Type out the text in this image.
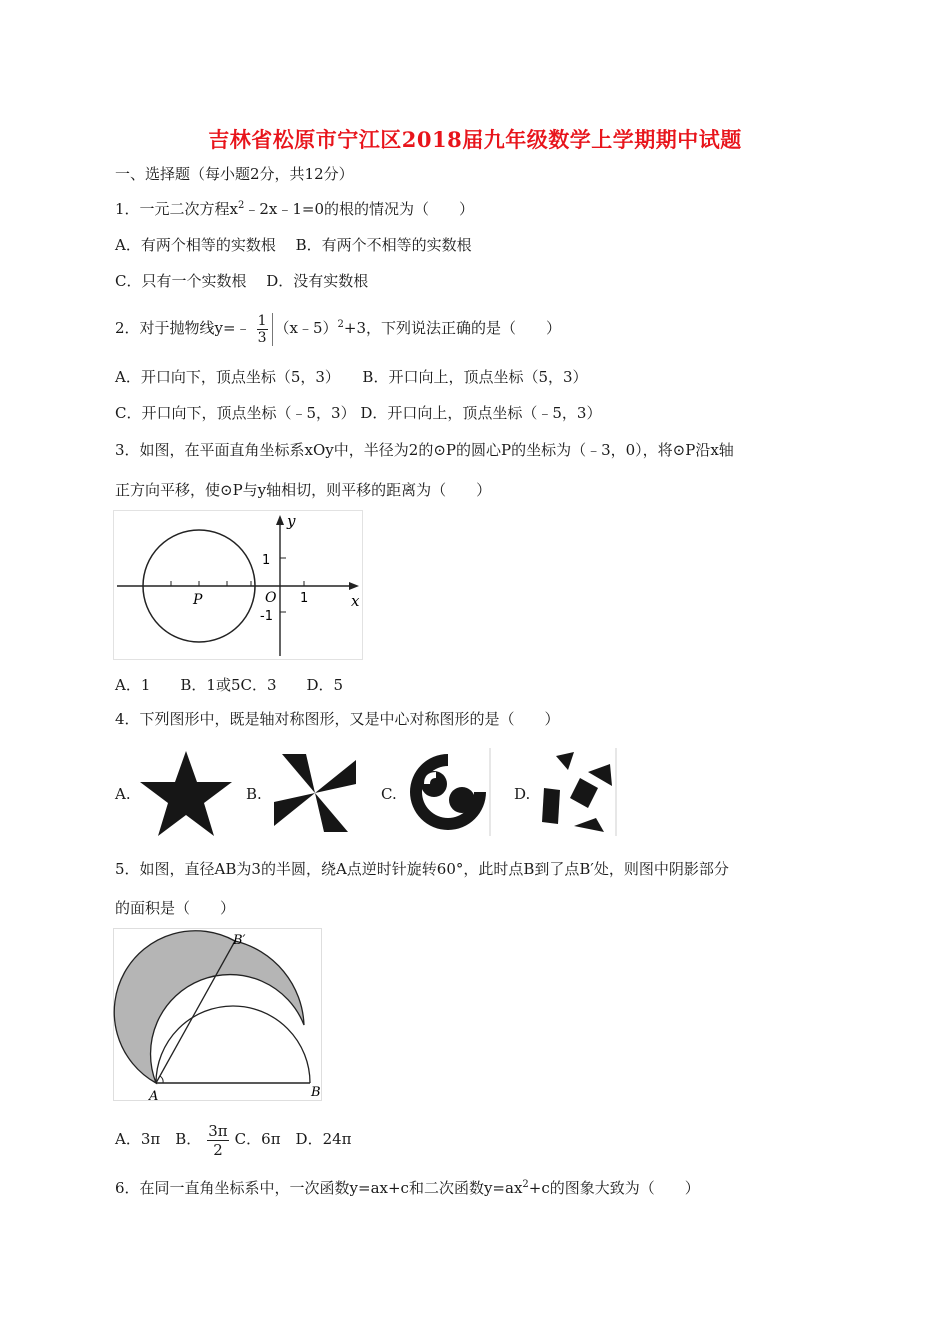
吉林省松原市宁江区2018届九年级数学上学期期中试题
一、选择题（每小题2分，共12分）
1．一元二次方程$x^2﹣2x﹣1=0$的根的情况为（　　）
A．有两个相等的实数根　 B．有两个不相等的实数根
C．只有一个实数根　 D．没有实数根
2．对于抛物线y=﹣ $\frac{1}{3}$ （x﹣5）$^2$+3，下列说法正确的是（　　）
A．开口向下，顶点坐标（5，3）　　B．开口向上，顶点坐标（5，3）
C．开口向下，顶点坐标（﹣5，3） D．开口向上，顶点坐标（﹣5，3）
3．如图，在平面直角坐标系xOy中，半径为2的⊙P的圆心P的坐标为（﹣3，0），将⊙P沿x轴
正方向平移，使⊙P与y轴相切，则平移的距离为（　　）
y
x
O
P
1
-1
1
A．1　　B．1或5C．3　　D．5
4．下列图形中，既是轴对称图形，又是中心对称图形的是（　　）
A.	B.	C.	D.
5．如图，直径AB为3的半圆，绕A点逆时针旋转60°，此时点B到了点B′处，则图中阴影部分
的面积是（　　）
A	B
B′
A．3π　B． $\frac{3\pi}{2}$ C．6π　D．24π
6．在同一直角坐标系中，一次函数y=ax+c和二次函数$y=ax^2+c$的图象大致为（　　）
